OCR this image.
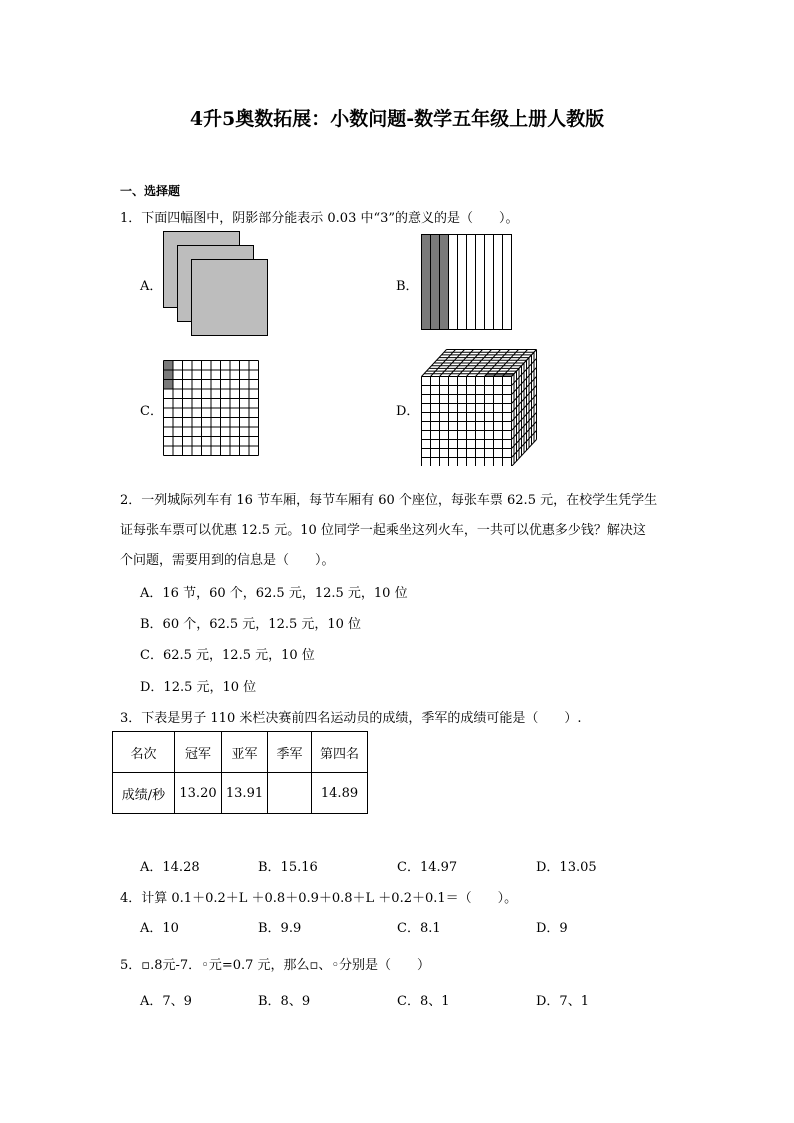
4升5奥数拓展：小数问题-数学五年级上册人教版
一、选择题
1．下面四幅图中，阴影部分能表示 0.03 中“3”的意义的是（　　）。
A．	B．
C．	D．
2．一列城际列车有 16 节车厢，每节车厢有 60 个座位，每张车票 62.5 元，在校学生凭学生
证每张车票可以优惠 12.5 元。10 位同学一起乘坐这列火车，一共可以优惠多少钱？解决这
个问题，需要用到的信息是（　　）。
A．16 节，60 个，62.5 元，12.5 元，10 位
B．60 个，62.5 元，12.5 元，10 位
C．62.5 元，12.5 元，10 位
D．12.5 元，10 位
3．下表是男子 110 米栏决赛前四名运动员的成绩，季军的成绩可能是（　　）.
名次	冠军	亚军	季军	第四名
成绩/秒	13.20	13.91		14.89
A．14.28	B．15.16	C．14.97	D．13.05
4．计算 0.1＋0.2＋L ＋0.8＋0.9＋0.8＋L ＋0.2＋0.1＝（　　）。
A．10	B．9.9	C．8.1	D．9
5．▫.8元-7．◦元=0.7 元，那么▫、◦分别是（　　）
A．7、9	B．8、9	C．8、1	D．7、1
